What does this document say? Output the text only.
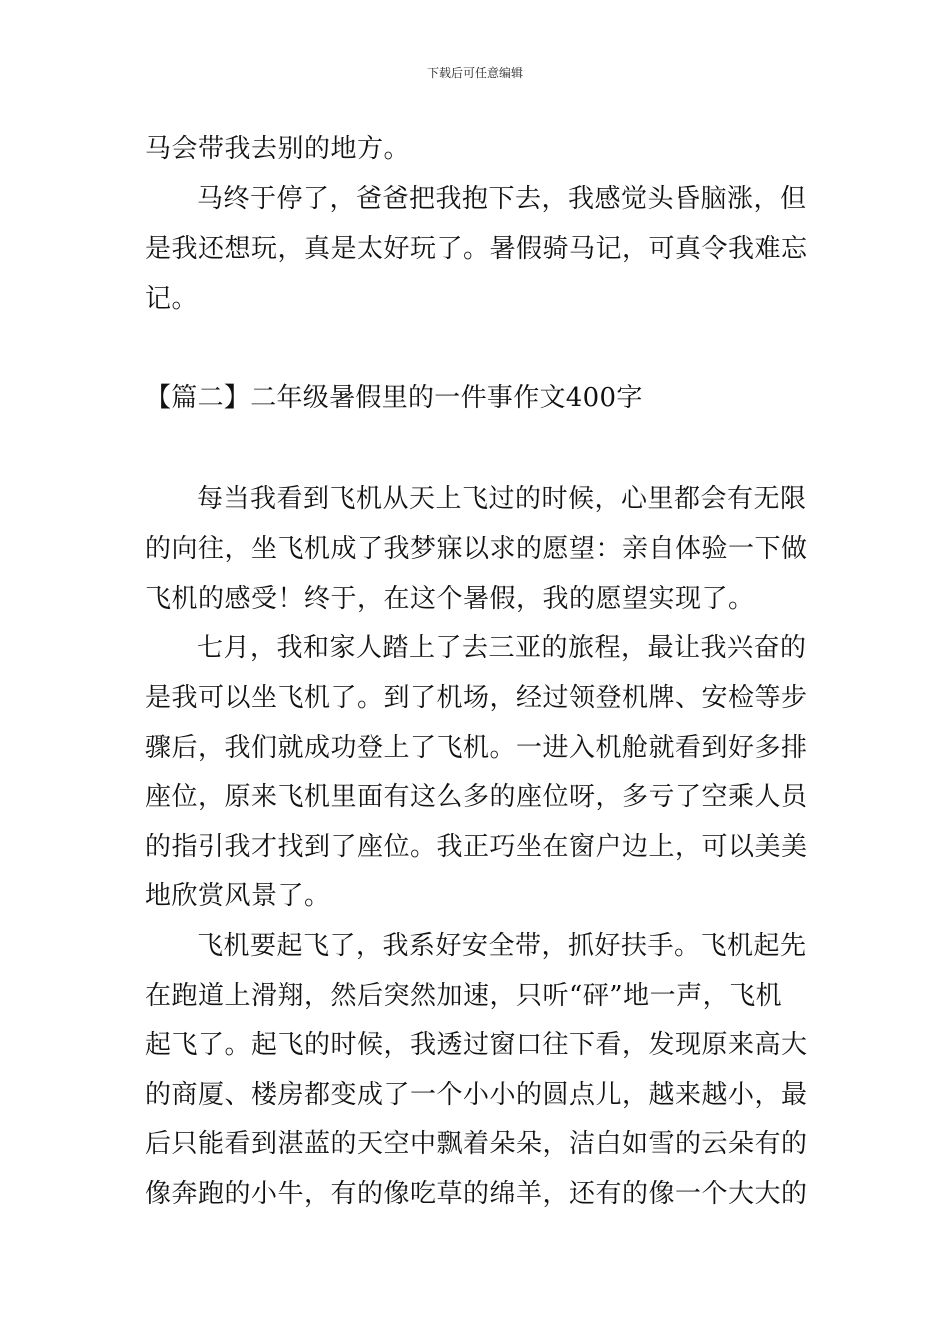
下载后可任意编辑
马会带我去别的地方。
马终于停了，爸爸把我抱下去，我感觉头昏脑涨，但
是我还想玩，真是太好玩了。暑假骑马记，可真令我难忘
记。
【篇二】二年级暑假里的一件事作文400字
每当我看到飞机从天上飞过的时候，心里都会有无限
的向往，坐飞机成了我梦寐以求的愿望：亲自体验一下做
飞机的感受！终于，在这个暑假，我的愿望实现了。
七月，我和家人踏上了去三亚的旅程，最让我兴奋的
是我可以坐飞机了。到了机场，经过领登机牌、安检等步
骤后，我们就成功登上了飞机。一进入机舱就看到好多排
座位，原来飞机里面有这么多的座位呀，多亏了空乘人员
的指引我才找到了座位。我正巧坐在窗户边上，可以美美
地欣赏风景了。
飞机要起飞了，我系好安全带，抓好扶手。飞机起先
在跑道上滑翔，然后突然加速，只听“砰”地一声，飞机
起飞了。起飞的时候，我透过窗口往下看，发现原来高大
的商厦、楼房都变成了一个小小的圆点儿，越来越小，最
后只能看到湛蓝的天空中飘着朵朵，洁白如雪的云朵有的
像奔跑的小牛，有的像吃草的绵羊，还有的像一个大大的
